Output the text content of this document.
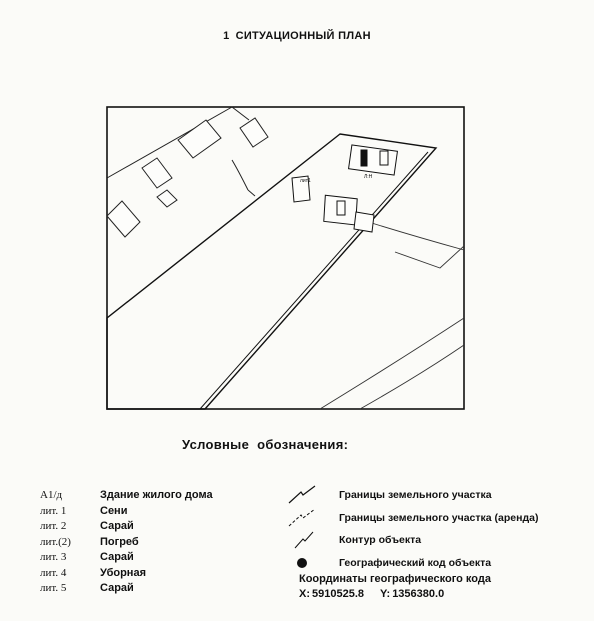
1 СИТУАЦИОННЫЙ ПЛАН
Л:Н
лит1
Условные обозначения:
А1/д	Здание жилого дома
лит. 1	Сени
лит. 2	Сарай
лит.(2)	Погреб
лит. 3	Сарай
лит. 4	Уборная
лит. 5	Сарай
Границы земельного участка
Границы земельного участка (аренда)
Контур объекта
Географический код объекта
Координаты географического кода
X: 5910525.8 Y: 1356380.0
